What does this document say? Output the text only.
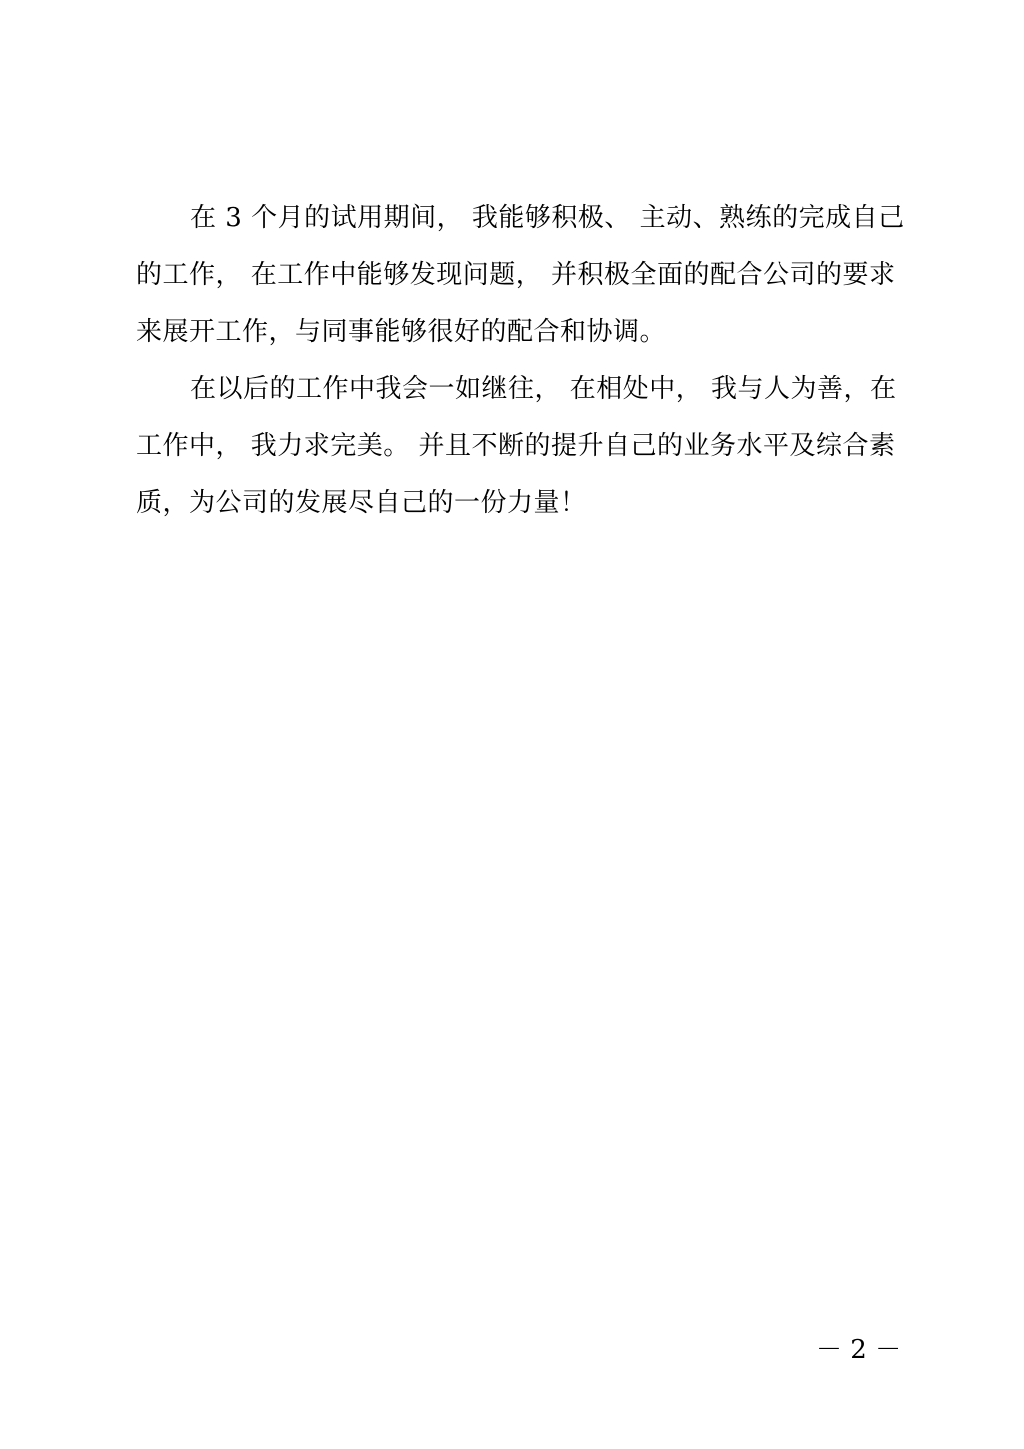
在 3 个月的试用期间， 我能够积极、 主动、熟练的完成自己
的工作， 在工作中能够发现问题， 并积极全面的配合公司的要求
来展开工作，与同事能够很好的配合和协调。
在以后的工作中我会一如继往， 在相处中， 我与人为善，在
工作中， 我力求完美。 并且不断的提升自己的业务水平及综合素
质，为公司的发展尽自己的一份力量！
－ 2 －
